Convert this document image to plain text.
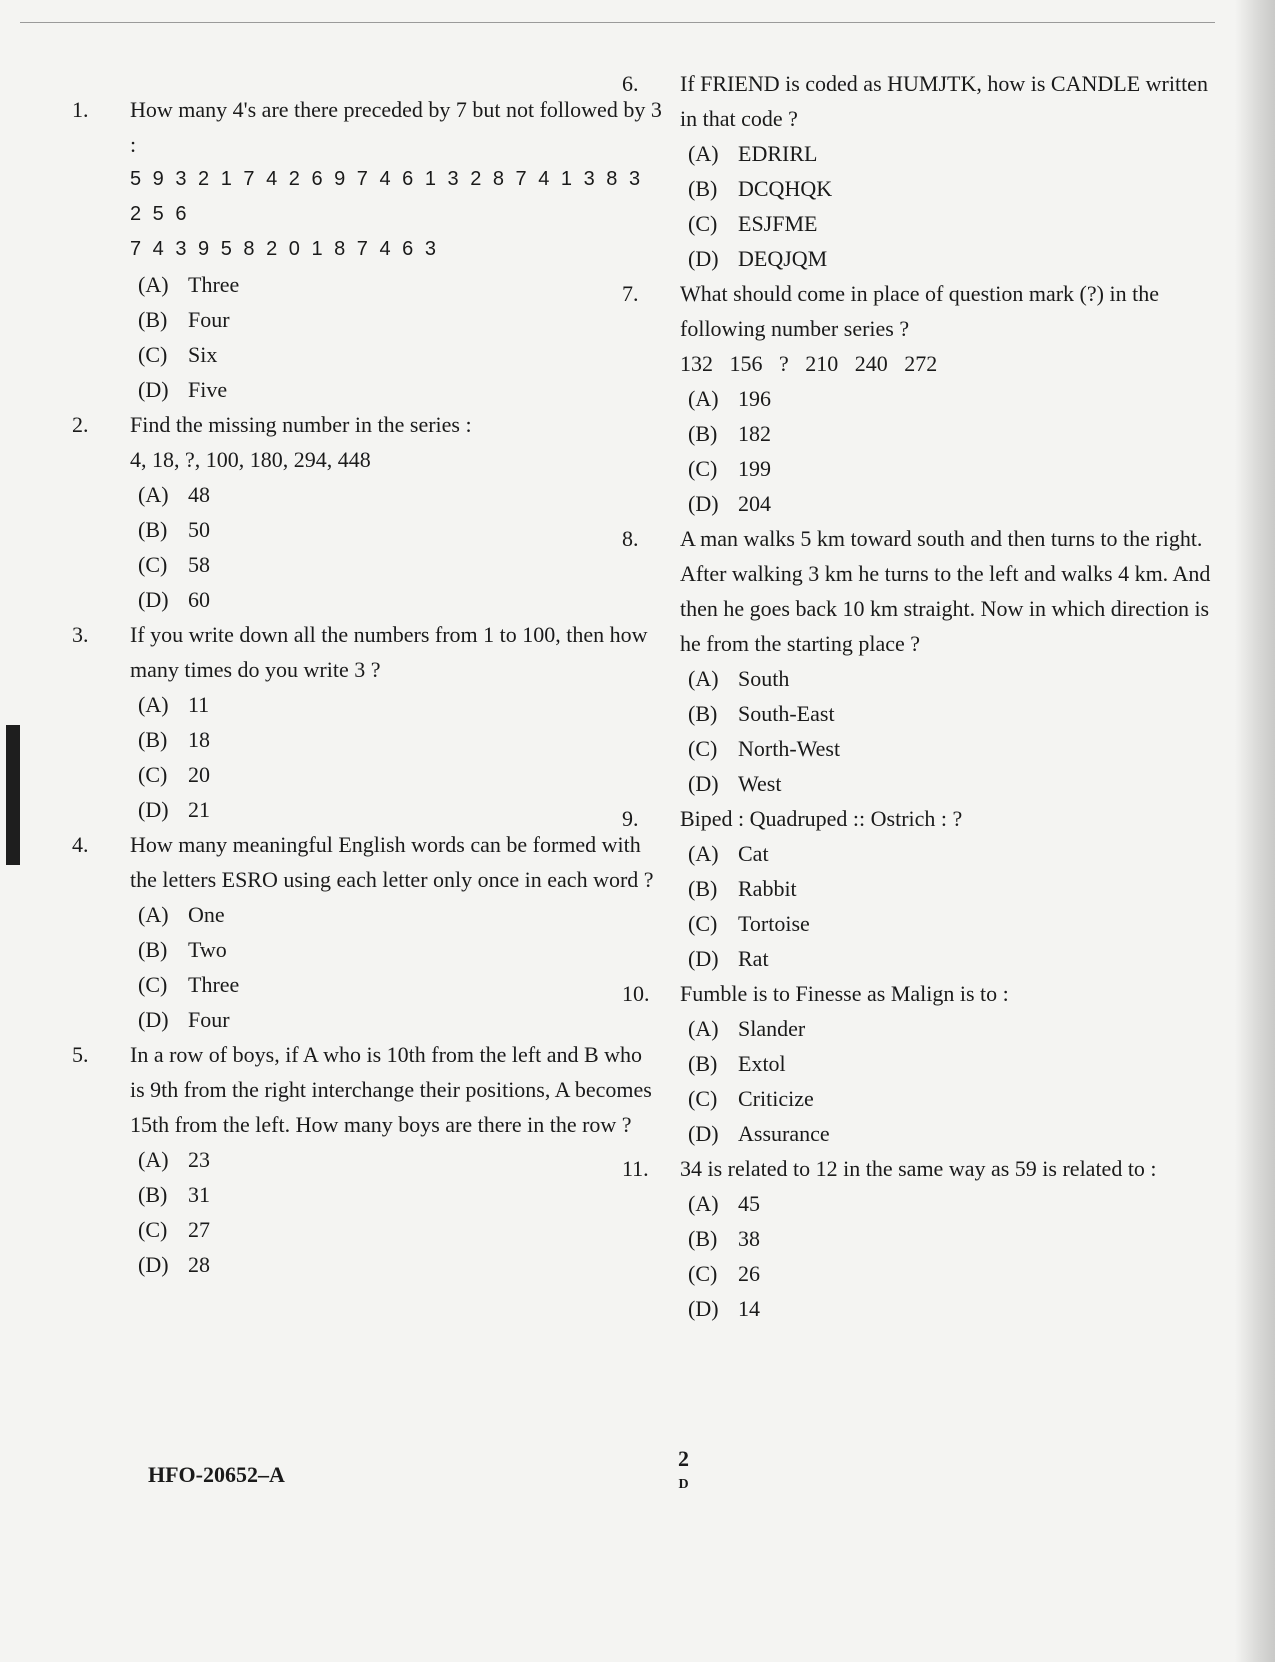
1.	How many 4's are there preceded by 7 but not followed by 3 :
5 9 3 2 1 7 4 2 6 9 7 4 6 1 3 2 8 7 4 1 3 8 3 2 5 6
7 4 3 9 5 8 2 0 1 8 7 4 6 3
(A) Three
(B) Four
(C) Six
(D) Five
2.	Find the missing number in the series :
4, 18, ?, 100, 180, 294, 448
(A) 48
(B) 50
(C) 58
(D) 60
3.	If you write down all the numbers from 1 to 100, then how many times do you write 3 ?
(A) 11
(B) 18
(C) 20
(D) 21
4.	How many meaningful English words can be formed with the letters ESRO using each letter only once in each word ?
(A) One
(B) Two
(C) Three
(D) Four
5.	In a row of boys, if A who is 10th from the left and B who is 9th from the right interchange their positions, A becomes 15th from the left. How many boys are there in the row ?
(A) 23
(B) 31
(C) 27
(D) 28
6.	If FRIEND is coded as HUMJTK, how is CANDLE written in that code ?
(A) EDRIRL
(B) DCQHQK
(C) ESJFME
(D) DEQJQM
7.	What should come in place of question mark (?) in the following number series ?
132   156   ?   210   240   272
(A) 196
(B) 182
(C) 199
(D) 204
8.	A man walks 5 km toward south and then turns to the right. After walking 3 km he turns to the left and walks 4 km. And then he goes back 10 km straight. Now in which direction is he from the starting place ?
(A) South
(B) South-East
(C) North-West
(D) West
9.	Biped : Quadruped :: Ostrich : ?
(A) Cat
(B) Rabbit
(C) Tortoise
(D) Rat
10.	Fumble is to Finesse as Malign is to :
(A) Slander
(B) Extol
(C) Criticize
(D) Assurance
11.	34 is related to 12 in the same way as 59 is related to :
(A) 45
(B) 38
(C) 26
(D) 14
HFO-20652–A
2
D
